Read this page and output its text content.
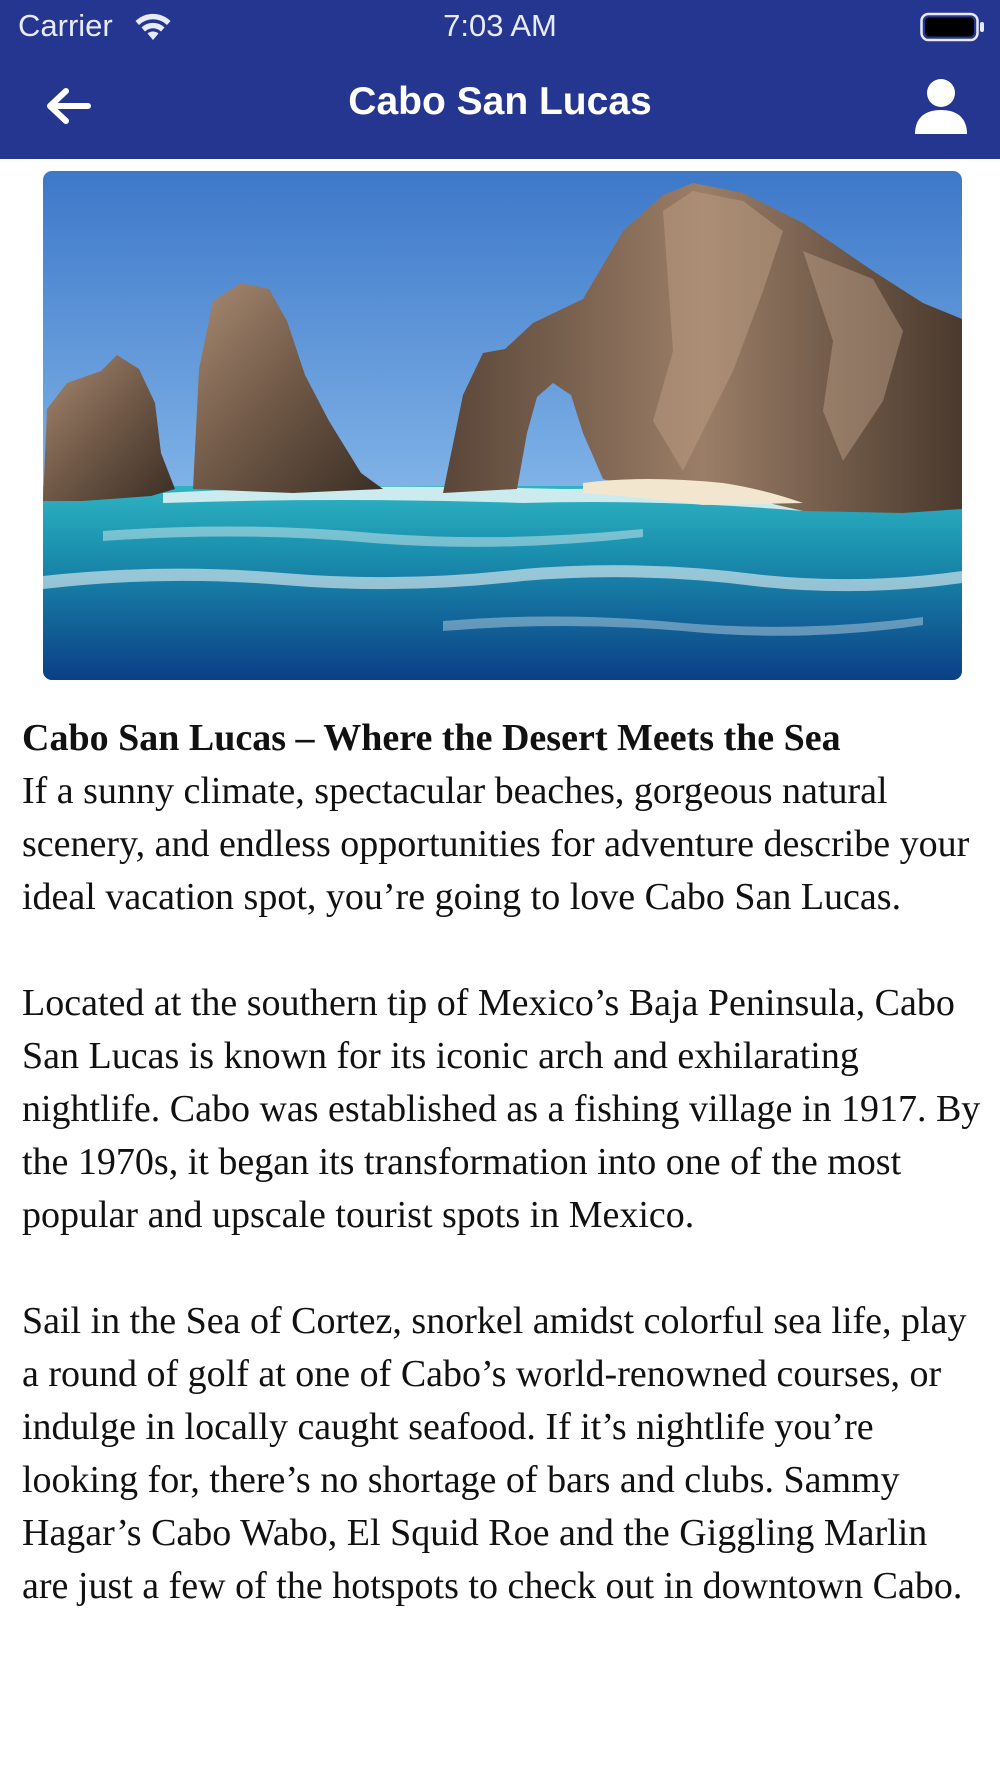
Carrier	7:03 AM
Cabo San Lucas
Cabo San Lucas – Where the Desert Meets the Sea

If a sunny climate, spectacular beaches, gorgeous natural scenery, and endless opportunities for adventure describe your ideal vacation spot, you’re going to love Cabo San Lucas.

Located at the southern tip of Mexico’s Baja Peninsula, Cabo San Lucas is known for its iconic arch and exhilarating nightlife. Cabo was established as a fishing village in 1917. By the 1970s, it began its transformation into one of the most popular and upscale tourist spots in Mexico.

Sail in the Sea of Cortez, snorkel amidst colorful sea life, play a round of golf at one of Cabo’s world-renowned courses, or indulge in locally caught seafood. If it’s nightlife you’re looking for, there’s no shortage of bars and clubs. Sammy Hagar’s Cabo Wabo, El Squid Roe and the Giggling Marlin are just a few of the hotspots to check out in downtown Cabo.
